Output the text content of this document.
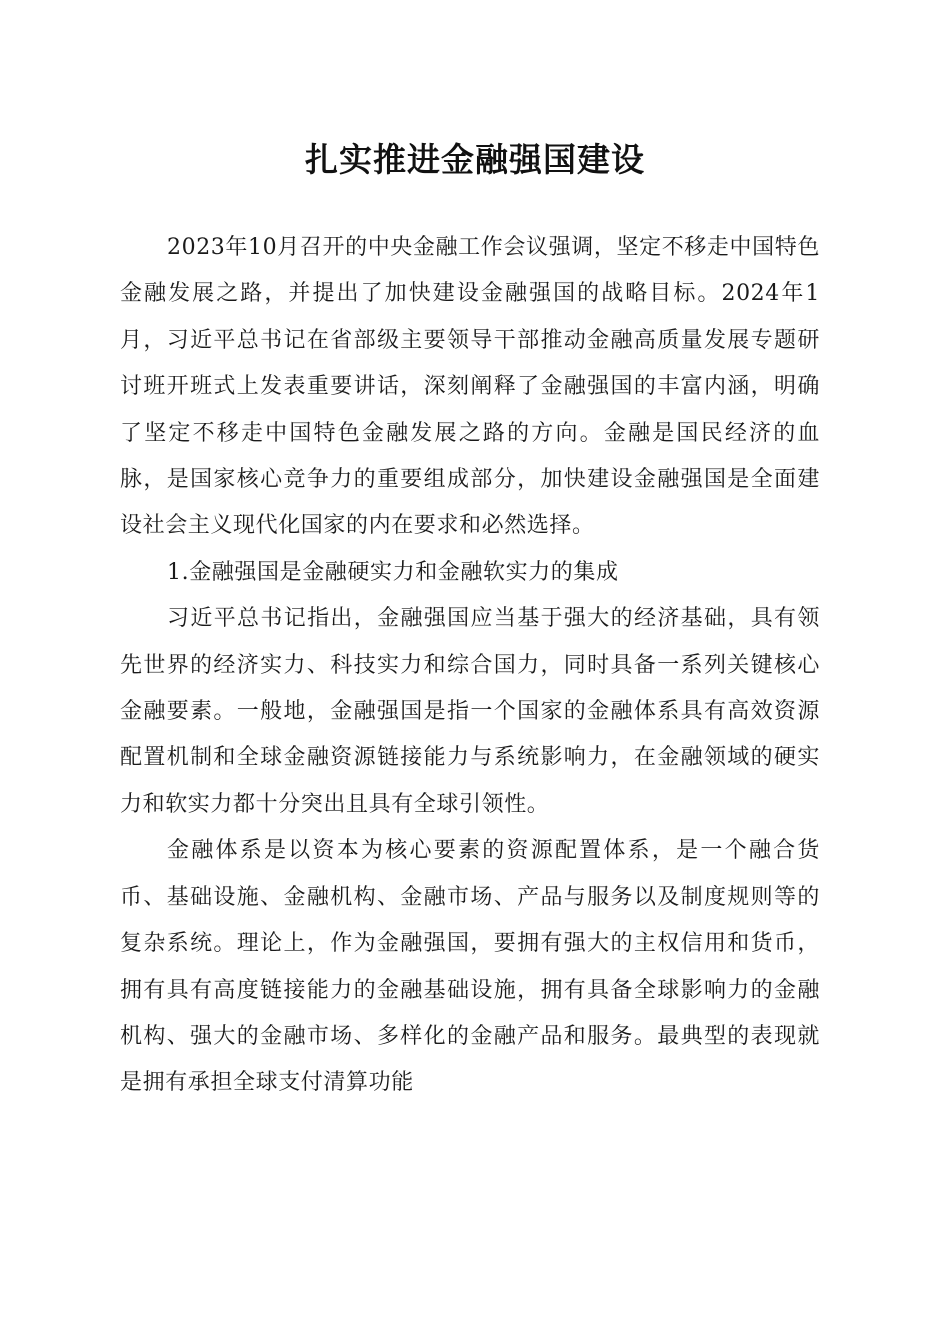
扎实推进金融强国建设

2023年10月召开的中央金融工作会议强调，坚定不移走中国特色金融发展之路，并提出了加快建设金融强国的战略目标。2024年1月，习近平总书记在省部级主要领导干部推动金融高质量发展专题研讨班开班式上发表重要讲话，深刻阐释了金融强国的丰富内涵，明确了坚定不移走中国特色金融发展之路的方向。金融是国民经济的血脉，是国家核心竞争力的重要组成部分，加快建设金融强国是全面建设社会主义现代化国家的内在要求和必然选择。

1.金融强国是金融硬实力和金融软实力的集成

习近平总书记指出，金融强国应当基于强大的经济基础，具有领先世界的经济实力、科技实力和综合国力，同时具备一系列关键核心金融要素。一般地，金融强国是指一个国家的金融体系具有高效资源配置机制和全球金融资源链接能力与系统影响力，在金融领域的硬实力和软实力都十分突出且具有全球引领性。

金融体系是以资本为核心要素的资源配置体系，是一个融合货币、基础设施、金融机构、金融市场、产品与服务以及制度规则等的复杂系统。理论上，作为金融强国，要拥有强大的主权信用和货币，拥有具有高度链接能力的金融基础设施，拥有具备全球影响力的金融机构、强大的金融市场、多样化的金融产品和服务。最典型的表现就是拥有承担全球支付清算功能
